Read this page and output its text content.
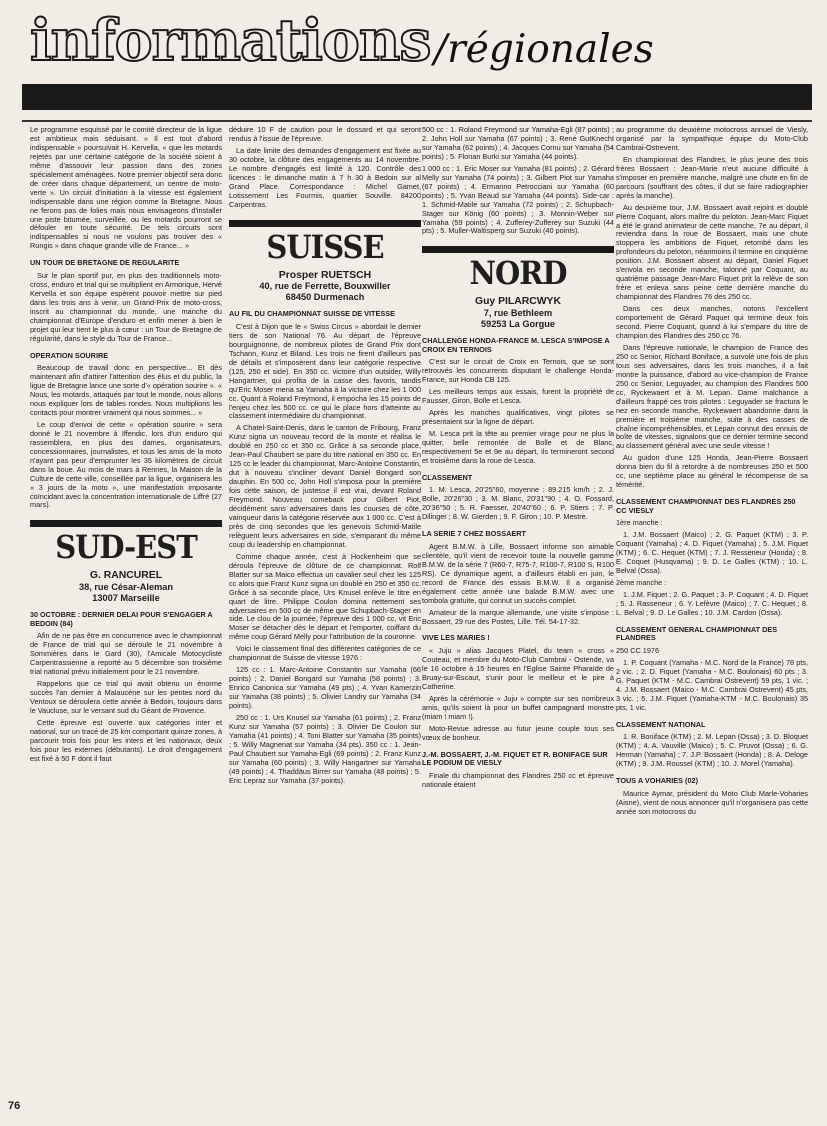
informations /régionales

Le programme esquissé par le comité directeur de la ligue est ambitieux mais séduisant. « Il est tout d'abord indispensable » poursuivait H. Kervella, « que les motards rejetés par une certaine catégorie de la société soient à même d'assouvir leur passion dans des zones spécialement aménagées. Notre premier objectif sera donc de créer dans chaque département, un centre de moto-verte ». Un circuit d'initiation à la vitesse est également indispensable dans une région comme la Bretagne. Nous ne ferons pas de folies mais nous envisageons d'installer une piste bitumée, surveillée, ou les motards pourront se défouler en toute sécurité. De tels circuits sont indispensables si nous ne voulons pas trouver des « Rungis » dans chaque grande ville de France... »

UN TOUR DE BRETAGNE DE REGULARITE

Sur le plan sportif pur, en plus des traditionnels moto-cross, enduro et trial qui se multiplient en Armorique, Hervé Kervella et son équipe espèrent pouvoir mettre sur pied dans les trois ans à venir, un Grand-Prix de moto-cross, inscrit au championnat du monde, une manche du championnat d'Europe d'enduro et enfin mener à bien le projet qui leur tient le plus à cœur : un Tour de Bretagne de régularité, dans le style du Tour de France...

OPERATION SOURIRE

Beaucoup de travail donc en perspective... Et dès maintenant afin d'attirer l'attention des élus et du public, la ligue de Bretagne lance une sorte d'« opération sourire ». « Nous, les motards, attaqués par tout le monde, nous allons nous expliquer lors de tables rondes. Nous multiplions les contacts pour montrer vraiment qui nous sommes... »

Le coup d'envoi de cette « opération sourire » sera donné le 21 novembre à Iffendic, lors d'un enduro qui rassemblera, en plus des dames, organisateurs, concessionnaires, journalistes, et tous les amis de la moto n'ayant pas peur d'emprunter les 35 kilomètres de circuit dans la boue. Au mois de mars à Rennes, la Maison de la Culture de cette ville, conseillée par la ligue, organisera les « 3 jours de la moto », une manifestation imposante coïncidant avec la concentration internationale de Liffré (27 mars).

SUD-EST
G. RANCUREL
38, rue César-Aleman
13007 Marseille
30 OCTOBRE : DERNIER DELAI POUR S'ENGAGER A BEDOIN (84)

Afin de ne pas être en concurrence avec le championnat de France de trial qui se déroule le 21 novembre à Sommières dans le Gard (30), l'Amicale Motocycliste Carpentrassienne a reporté au 5 décembre son troisième trial national prévu initialement pour le 21 novembre.

Rappelons que ce trial qui avait obtenu un énorme succès l'an dernier à Malaucène sur les pentes nord du Ventoux se déroulera cette année à Bedoin, toujours dans le Vaucluse, sur le versant sud du Géant de Provence.

Cette épreuve est ouverte aux catégories inter et national, sur un tracé de 25 km comportant quinze zones, à parcourir trois fois pour les inters et les nationaux, deux fois pour les externes (débutants). Le droit d'engagement est fixé à 50 F dont il faut

déduire 10 F de caution pour le dossard et qui seront rendus à l'issue de l'épreuve.

La date limite des demandes d'engagement est fixée au 30 octobre, la clôture des engagements au 14 novembre. Le nombre d'engagés est limité à 120. Contrôle des licences : le dimanche matin à 7 h 30 à Bedoin sur al Grand Place. Correspondance : Michel Gamet, Lotissement Les Fourmis, quartier Souville. 84200 Carpentras.

SUISSE
Prosper RUETSCH
40, rue de Ferrette, Bouxwiller
68450 Durmenach
AU FIL DU CHAMPIONNAT SUISSE DE VITESSE

C'est à Dijon que le « Swiss Circus » abordait le dernier tiers de son National 76. Au départ de l'épreuve bourguignonne, de nombreux pilotes de Grand Prix dont Tschann, Kunz et Biland. Les trois ne firent d'ailleurs pas de détails et s'imposèrent dans leur catégorie respective (125, 250 et side). En 350 cc. victoire d'un outsider, Willy Hangartner, qui profita de la casse des favoris, tandis qu'Eric Moser mena sa Yamaha à la victoire chez les 1 000 cc. Quant à Roland Freymond, il empocha les 15 points de l'enjeu chez les 500 cc. ce qui le place hors d'atteinte au classement intermédiaire du championnat.

A Chatel-Saint-Denis, dans le canton de Fribourg, Franz Kunz signa un nouveau record de la monte et réalisa le doublé en 250 cc et 350 cc. Grâce à sa seconde place, Jean-Paul Chaubert se pare du titre national en 350 cc. En 125 cc le leader du championnat, Marc-Antoine Constantin, dut à nouveau s'incliner devant Daniel Bongard son dauphin. En 500 cc, John Holl s'imposa pour la première fois cette saison, de justesse il est vrai, devant Roland Freymond. Nouveau comeback pour Gilbert Piot, décidément sans adversaires dans les courses de côte, vainqueur dans la catégorie réservée aux 1 000 cc. C'est à près de cinq secondes que les genevois Schmid-Matile relèguent leurs adversaires en side, s'emparant du même coup du leadership en championnat.

Comme chaque année, c'est à Hockenheim que se déroula l'épreuve de clôture de ce championnat. Rolf Blatter sur sa Maico effectua un cavalier seul chez les 125 cc alors que Franz Kunz signa un doublé en 250 et 350 cc. Grâce à sa seconde place, Urs Knusel enlève le titre en quart de litre. Philippe Coulon domina nettement ses adversaires en 500 cc de même que Schupbach-Stager en side. Le clou de la journée, l'épreuve des 1 000 cc, vit Eric Moser se détacher dès le départ et l'emporter, coiffant du même coup Gérard Melly pour l'attribution de la couronne.

Voici le classement final des différentes catégories de ce championnat de Suisse de vitesse 1976 :

125 cc : 1. Marc-Antoine Constantin sur Yamaha (66 points) ; 2. Daniel Bongard sur Yamaha (58 points) ; 3. Enrico Canonica sur Yamaha (49 pts) ; 4. Yvan Kamerzin sur Yamaha (38 points) ; 5. Olivier Landry sur Yamaha (34 points).

250 cc : 1. Urs Knusel sur Yamaha (61 points) ; 2. Franz Kunz sur Yamaha (57 points) ; 3. Olivier De Coulon sur Yamaha (41 points) ; 4. Toni Blatter sur Yamaha (35 points) ; 5. Willy Magnenat sur Yamaha (34 pts). 350 cc : 1. Jean-Paul Chaubert sur Yamaha-Egli (69 points) ; 2. Franz Kunz sur Yamaha (60 points) ; 3. Willy Hangartner sur Yamaha (49 points) ; 4. Thaddäus Birrer sur Yamaha (48 points) ; 5. Eric Lepraz sur Yamaha (37 points).

500 cc : 1. Roland Freymond sur Yamaha-Egli (87 points) ; 2. John Holl sur Yamaha (67 points) ; 3. René GutKnecht sur Yamaha (62 points) ; 4. Jacques Cornu sur Yamaha (54 points) ; 5. Florian Burki sur Yamaha (44 points).

1 000 cc : 1. Eric Moser sur Yamaha (81 points) ; 2. Gérard Melly sur Yamaha (74 points) ; 3. Gilbert Piot sur Yamaha (67 points) ; 4. Ermanno Petrocciani sur Yamaha (60 points) ; 5. Yvan Beaud sur Yamaha (44 points). Side-car : 1. Schmid-Matile sur Yamaha (72 points) ; 2. Schupbach-Stager sur König (60 points) ; 3. Monnin-Weber sur Yamaha (59 points) ; 4. Zufferey-Zufferey sur Suzuki (44 pts) ; 5. Muller-Waltisperg sur Suzuki (40 points).

NORD
Guy PILARCWYK
7, rue Bethleem
59253 La Gorgue
CHALLENGE HONDA-FRANCE M. LESCA S'IMPOSE A CROIX EN TERNOIS

C'est sur le circuit de Croix en Ternois, que se sont retrouvés les concurrents disputant le challenge Honda-France, sur Honda CB 125.

Les meilleurs temps aux essais, furent la propriété de Fausser, Giron, Bolle et Lesca.

Après les manches qualificatives, vingt pilotes se présentaient sur la ligne de départ.

M. Lesca prit la tête au premier virage pour ne plus la quitter, belle remontée de Bolle et de Blanc, respectivement 5e et 9e au départ, ils termineront second et troisième dans la roue de Lesca.

CLASSEMENT

1. M. Lesca, 20'25"60, moyenne : 89.215 km/h ; 2. J. Bolle, 20'26"30 ; 3. M. Blanc, 20'31"90 ; 4. O. Fossard, 20'36"50 ; 5. R. Faesser, 20'40"60 ; 6. P. Stiers ; 7. P. Dilinger ; 8. W. Gierden ; 9. F. Giron ; 10. P. Mestre.

LA SERIE 7 CHEZ BOSSAERT

Agent B.M.W. à Lille, Bossaert informe son aimable clientèle, qu'il vient de recevoir toute la nouvelle gamme B.M.W. de la série 7 (R60-7, R75-7, R100-7, R100 S, R100 RS). Ce dynamique agent, a d'ailleurs établi en juin, le record de France des essais B.M.W. Il a organisé également cette année une balade B.M.W. avec une tombola gratuite, qui connut un succès complet.

Amateur de la marque allemande, une visite s'impose : Bossaert, 29 rue des Postes, Lille. Tél. 54-17-32.

VIVE LES MARIES !

« Juju » alias Jacques Platel, du team « cross » Couteau, et membre du Moto-Club Cambrai - Ostende, va le 16 octobre à 15 heures en l'Eglise Sainte Pharaïde de Bruay-sur-Escaut, s'unir pour le meilleur et le pire à Catherine.

Après la cérémonie « Juju » compte sur ses nombreux amis, qu'ils soient là pour un buffet campagnard monstre (miam ! miam !).

Moto-Revue adresse au futur jeune couple tous ses vœux de bonheur.

J.-M. BOSSAERT, J.-M. FIQUET ET R. BONIFACE SUR LE PODIUM DE VIESLY

Finale du championnat des Flandres 250 cc et épreuve nationale étaient

au programme du deuxième motocross annuel de Viesly, organisé par la sympathique équipe du Moto-Club Cambrai-Ostrevent.

En championnat des Flandres, le plus jeune des trois frères Bossaert : Jean-Marie n'eut aucune difficulté à s'imposer en première manche, malgré une chute en fin de parcours (souffrant des côtes, il dut se faire radiographier après la manche).

Au deuxième tour, J.M. Bossaert avait rejoint et doublé Pierre Coquant, alors maître du peloton. Jean-Marc Fiquet a été le grand animateur de cette manche, 7e au départ, il reviendra dans la roue de Bossaert, mais une chute stoppera les ambitions de Fiquet, retombé dans les profondeurs du peloton, néanmoins il termine en cinquième position. J.M. Bossaert absent au départ, Daniel Fiquet s'envola en seconde manche, talonné par Coquant, au quatrième passage Jean-Marc Fiquet prit la relève de son frère et enleva sans peine cette dernière manche du championnat des Flandres 76 des 250 cc.

Dans ces deux manches, notons l'excellent comportement de Gérard Paquet qui termine deux fois second. Pierre Coquant, quand à lui s'empare du titre de champion des Flandres des 250 cc 76.

Dans l'épreuve nationale, le champion de France des 250 cc Senior, Richard Boniface, a survolé une fois de plus tous ses adversaires, dans les trois manches, il a fait montre la puissance, d'abord au vice-champion de France 250 cc Senior, Leguyader, au champion des Flandres 500 cc, Ryckewaert et à M. Lepan. Dame malchance a d'ailleurs frappé ces trois pilotes : Leguyader se fractura le nez en seconde manche, Ryckewaert abandonne dans la première et troisième manche, suite à des casses de chaîne incompréhensibles, et Lepan connut des ennuis de boîte de vitesses, signalons que ce dernier termine second au classement général avec une seule vitesse !

Au guidon d'une 125 Honda, Jean-Pierre Bossaert donna bien du fil à retordre à de nombreuses 250 et 500 cc, une septième place au général le récompense de sa témérité.

CLASSEMENT CHAMPIONNAT DES FLANDRES 250 CC VIESLY

1ère manche :

1. J.M. Bossaert (Maico) ; 2. G. Paquet (KTM) ; 3. P. Coquant (Yamaha) ; 4. D. Fiquet (Yamaha) ; 5. J.M. Fiquet (KTM) ; 6. C. Hequet (KTM) ; 7. J. Resseneur (Honda) ; 8. E. Coquet (Husqvarna) ; 9. D. Le Galles (KTM) ; 10. L. Belval (Ossa).

2ème manche :

1. J.M. Fiquet ; 2. G. Paquet ; 3. P. Coquant ; 4. D. Fiquet ; 5. J. Rasseneur ; 6. Y. Lefèvre (Maico) ; 7. C. Hequet ; 8. L. Belval ; 9. D. Le Galles ; 10. J.M. Cardon (Ossa).

CLASSEMENT GENERAL CHAMPIONNAT DES FLANDRES

250 CC 1976

1. P. Coquant (Yamaha - M.C. Nord de la France) 78 pts, 2 vic. ; 2. D. Fiquet (Yamaha - M.C. Boulonais) 60 pts ; 3. G. Paquet (KTM - M.C. Cambrai Ostrevent) 59 pts, 1 vic. ; 4. J.M. Bossaert (Maico - M.C. Cambrai Ostrevent) 45 pts, 3 vic. ; 5. J.M. Fiquet (Yamaha-KTM - M.C. Boulonais) 35 pts, 1 vic.

CLASSEMENT NATIONAL

1. R. Boniface (KTM) ; 2. M. Lepan (Ossa) ; 3. D. Bloquet (KTM) ; 4. A. Vauville (Maico) ; 5. C. Pruvot (Ossa) ; 6. G. Herman (Yamaha) ; 7. J.P. Bossaert (Honda) ; 8. A. Deloge (KTM) ; 9. J.M. Roussel (KTM) ; 10. J. Morel (Yamaha).

TOUS A VOHARIES (02)

Maurice Aymar, président du Moto Club Marle-Voharies (Aisne), vient de nous annoncer qu'il n'organisera pas cette année son motocross du

76
